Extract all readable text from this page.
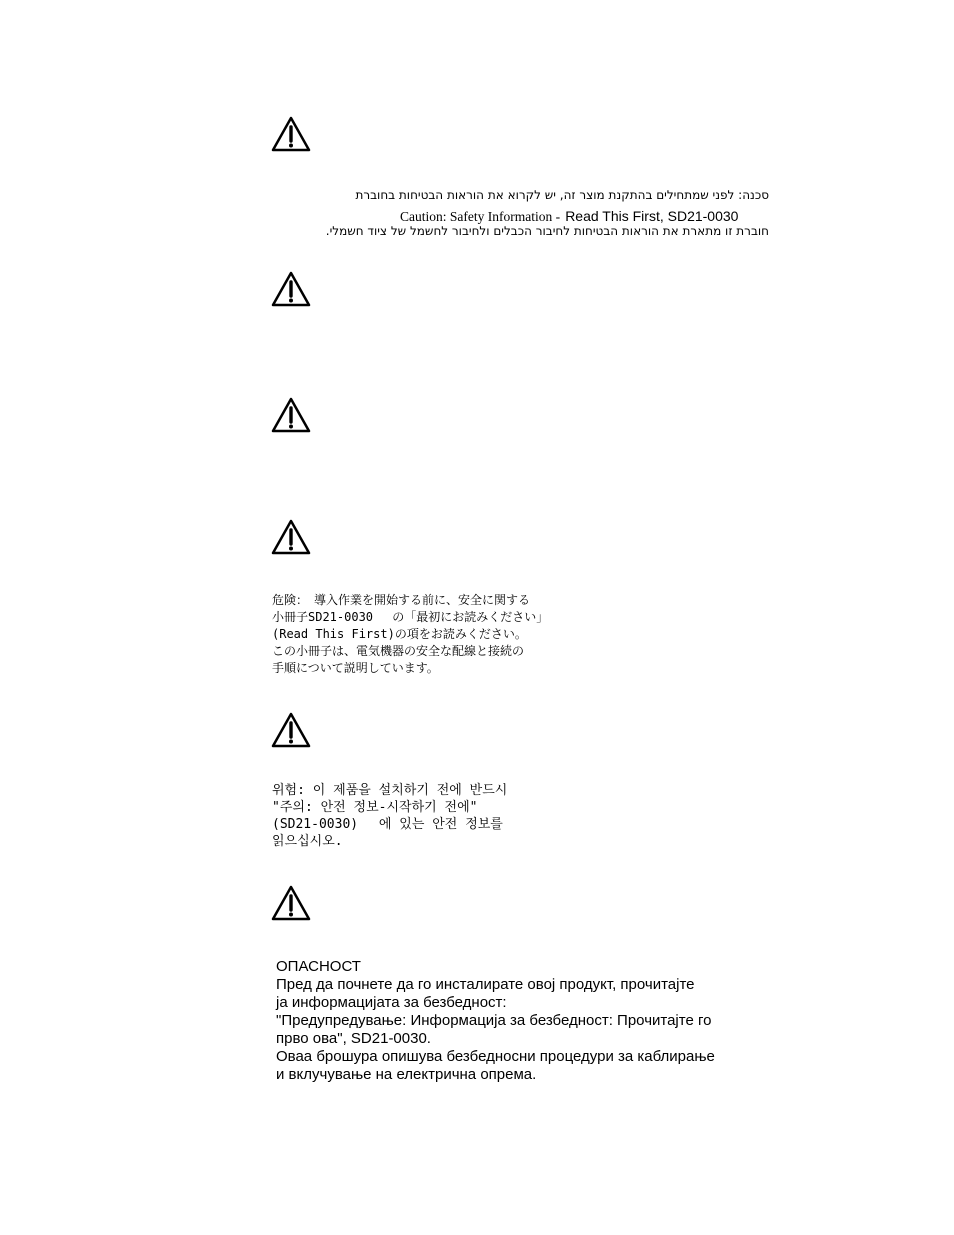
סכנה: לפני שמתחילים בהתקנת מוצר זה, יש לקרוא את הוראות הבטיחות בחוברת
Caution: Safety Information - Read This First, SD21-0030
חוברת זו מתארת את הוראות הבטיחות לחיבור הכבלים ולחיבור לחשמל של ציוד חשמלי.
危険：　導入作業を開始する前に、安全に関する
小冊子SD21-0030　 の「最初にお読みください」
(Read This First)の項をお読みください。
この小冊子は、電気機器の安全な配線と接続の
手順について説明しています。
위험: 이 제품을 설치하기 전에 반드시
"주의: 안전 정보-시작하기 전에"
(SD21-0030)　 에 있는 안전 정보를
읽으십시오.
ОПАСНОСТ
Пред да почнете да го инсталирате овој продукт, прочитајте
ја информацијата за безбедност:
"Предупредување: Информација за безбедност: Прочитајте го
прво ова", SD21-0030.
Оваа брошура опишува безбедносни процедури за каблирање
и вклучување на електрична опрема.
